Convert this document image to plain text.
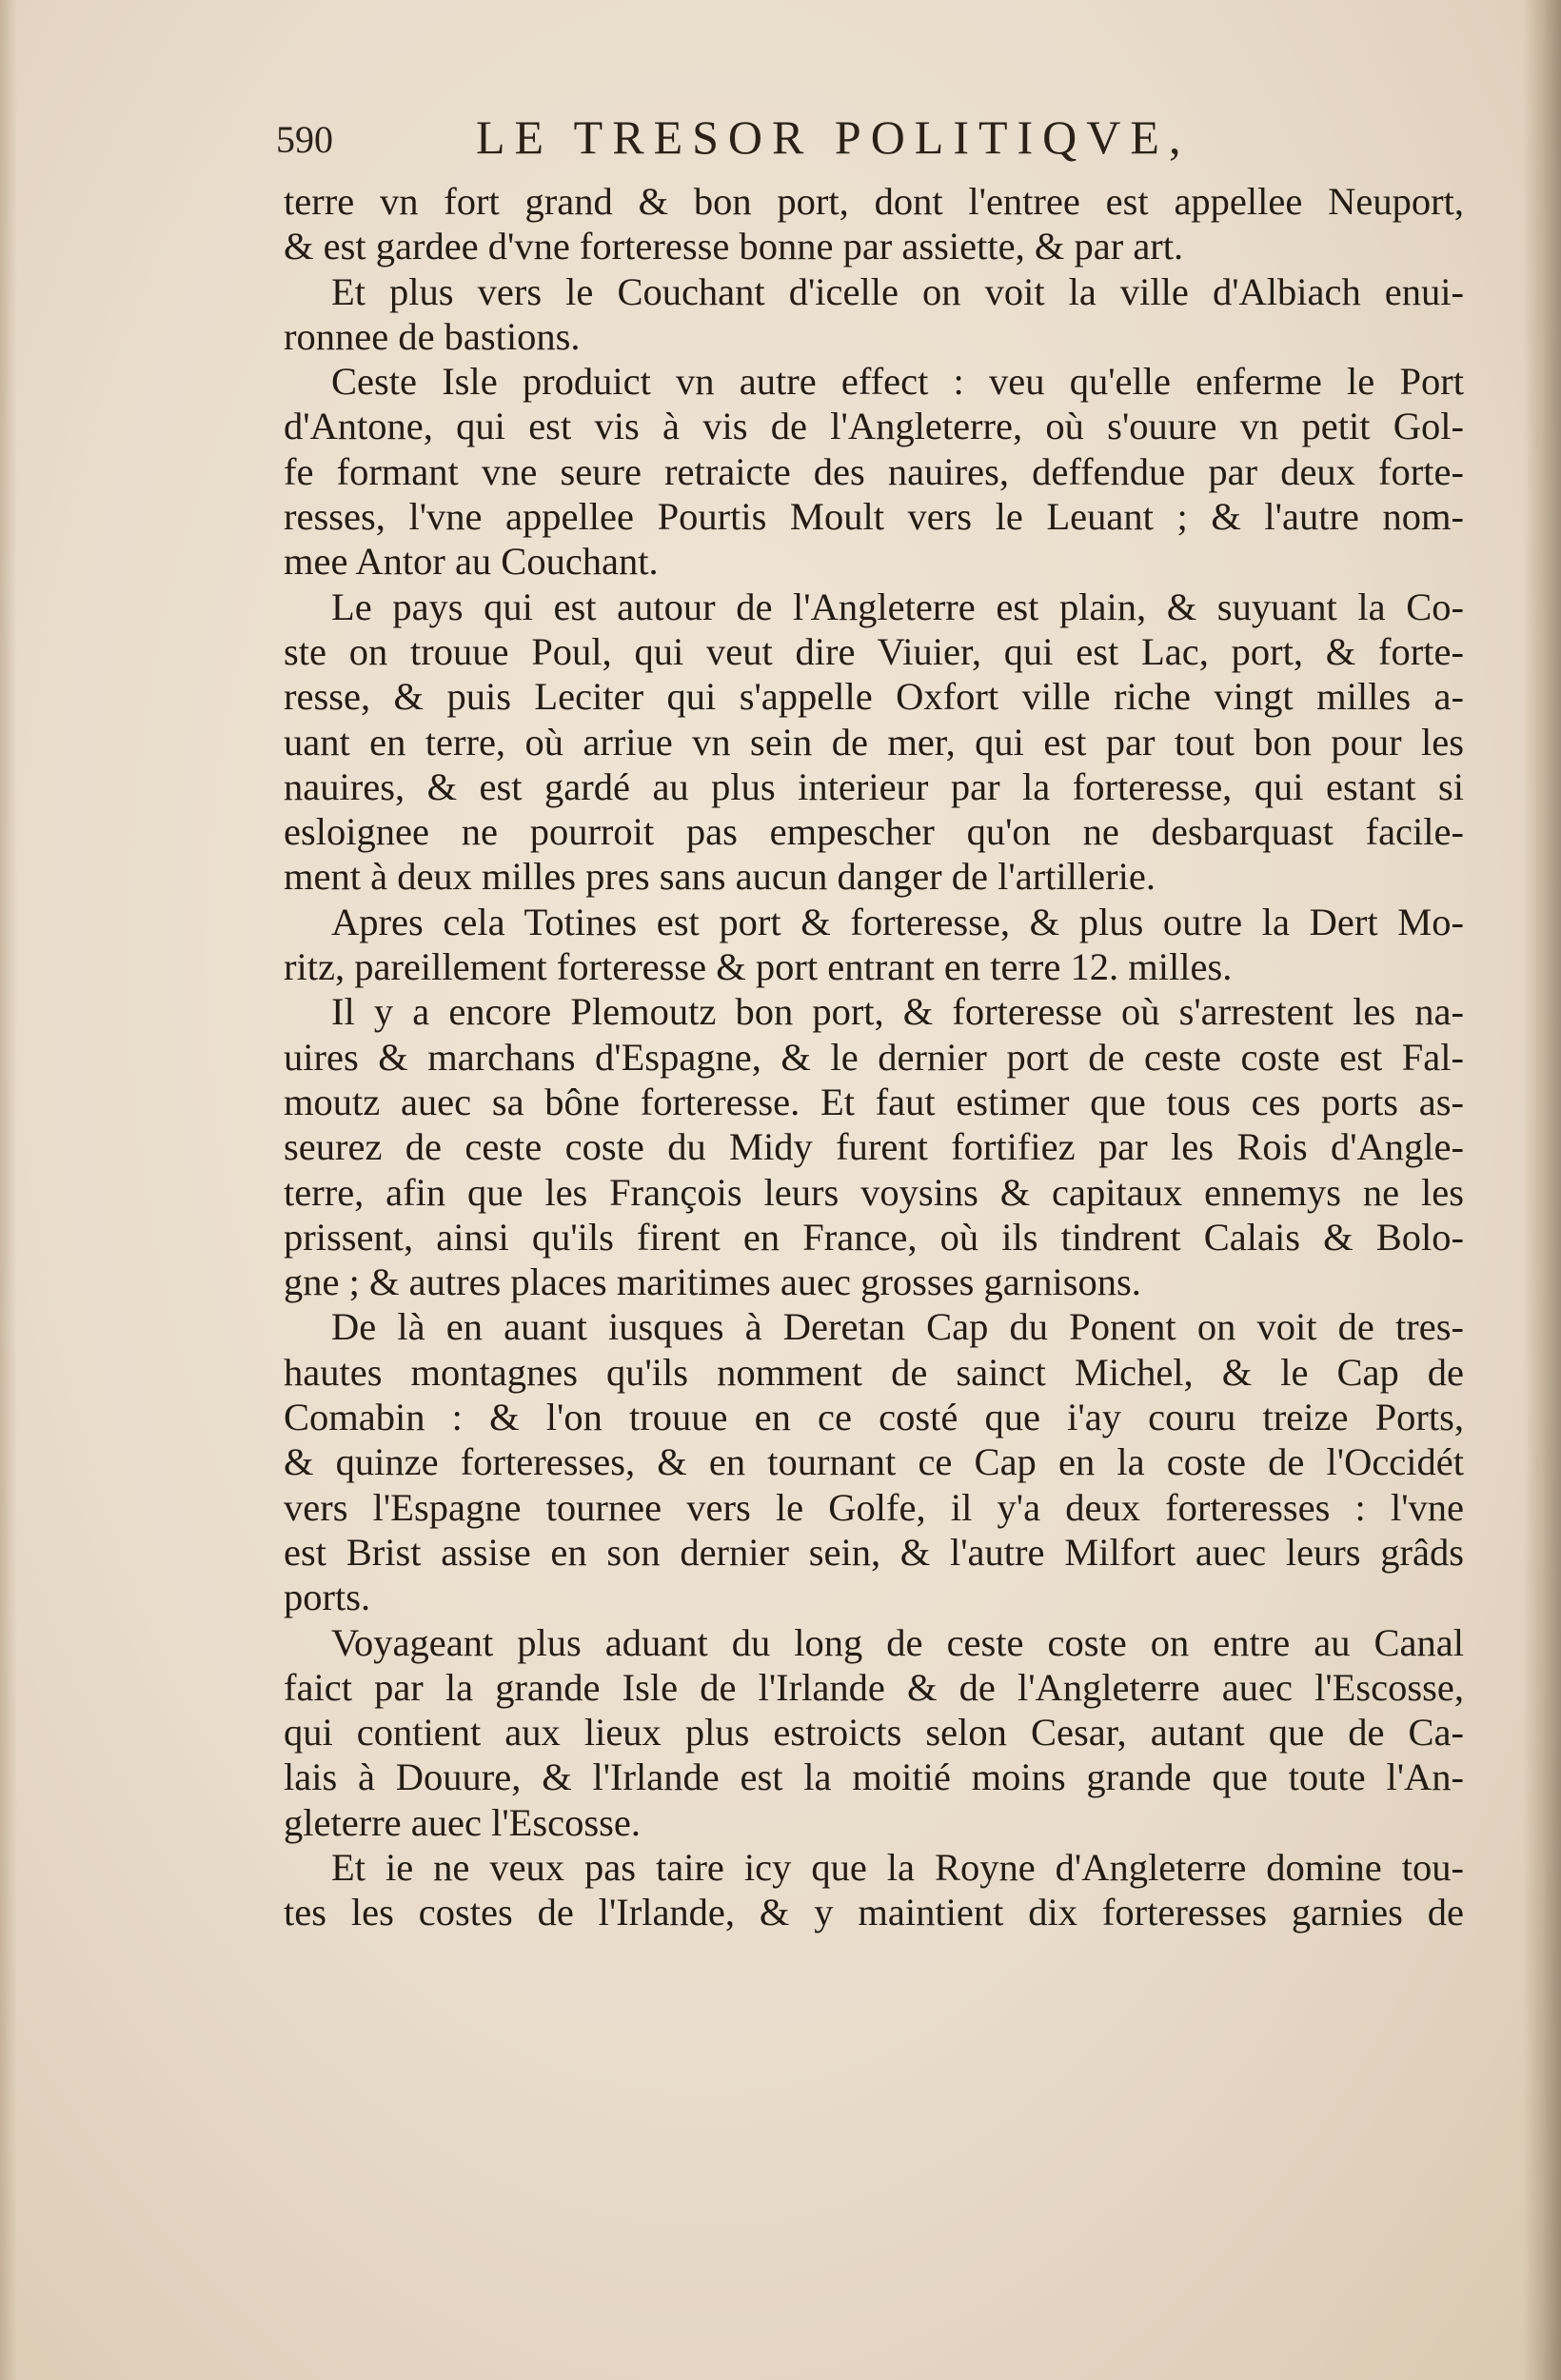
590	LE TRESOR POLITIQVE,
terre vn fort grand & bon port, dont l'entree est appellee Neuport,
& est gardee d'vne forteresse bonne par assiette, & par art.
Et plus vers le Couchant d'icelle on voit la ville d'Albiach enui-
ronnee de bastions.
Ceste Isle produict vn autre effect : veu qu'elle enferme le Port
d'Antone, qui est vis à vis de l'Angleterre, où s'ouure vn petit Gol-
fe formant vne seure retraicte des nauires, deffendue par deux forte-
resses, l'vne appellee Pourtis Moult vers le Leuant ; & l'autre nom-
mee Antor au Couchant.
Le pays qui est autour de l'Angleterre est plain, & suyuant la Co-
ste on trouue Poul, qui veut dire Viuier, qui est Lac, port, & forte-
resse, & puis Leciter qui s'appelle Oxfort ville riche vingt milles a-
uant en terre, où arriue vn sein de mer, qui est par tout bon pour les
nauires, & est gardé au plus interieur par la forteresse, qui estant si
esloignee ne pourroit pas empescher qu'on ne desbarquast facile-
ment à deux milles pres sans aucun danger de l'artillerie.
Apres cela Totines est port & forteresse, & plus outre la Dert Mo-
ritz, pareillement forteresse & port entrant en terre 12. milles.
Il y a encore Plemoutz bon port, & forteresse où s'arrestent les na-
uires & marchans d'Espagne, & le dernier port de ceste coste est Fal-
moutz auec sa bône forteresse. Et faut estimer que tous ces ports as-
seurez de ceste coste du Midy furent fortifiez par les Rois d'Angle-
terre, afin que les François leurs voysins & capitaux ennemys ne les
prissent, ainsi qu'ils firent en France, où ils tindrent Calais & Bolo-
gne ; & autres places maritimes auec grosses garnisons.
De là en auant iusques à Deretan Cap du Ponent on voit de tres-
hautes montagnes qu'ils nomment de sainct Michel, & le Cap de
Comabin : & l'on trouue en ce costé que i'ay couru treize Ports,
& quinze forteresses, & en tournant ce Cap en la coste de l'Occidét
vers l'Espagne tournee vers le Golfe, il y'a deux forteresses : l'vne
est Brist assise en son dernier sein, & l'autre Milfort auec leurs grâds
ports.
Voyageant plus aduant du long de ceste coste on entre au Canal
faict par la grande Isle de l'Irlande & de l'Angleterre auec l'Escosse,
qui contient aux lieux plus estroicts selon Cesar, autant que de Ca-
lais à Douure, & l'Irlande est la moitié moins grande que toute l'An-
gleterre auec l'Escosse.
Et ie ne veux pas taire icy que la Royne d'Angleterre domine tou-
tes les costes de l'Irlande, & y maintient dix forteresses garnies de
